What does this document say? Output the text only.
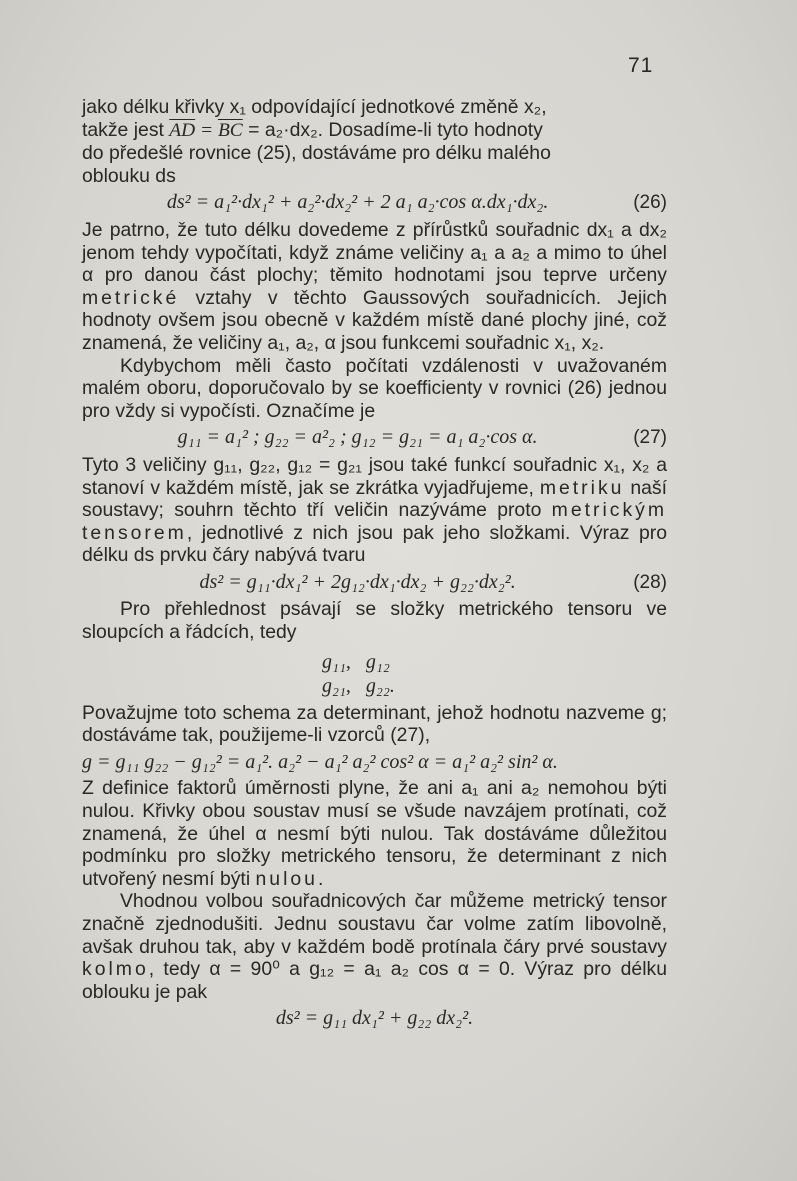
71

jako délku křivky x₁ odpovídající jednotkové změně x₂,
takže jest $\overline{AD} = \overline{BC} = a_2\cdot dx_2$. Dosadíme-li tyto hodnoty
do předešlé rovnice (25), dostáváme pro délku malého
oblouku ds

ds² = a₁²·dx₁² + a₂²·dx₂² + 2 a₁ a₂·cos α.dx₁·dx₂.	(26)

Je patrno, že tuto délku dovedeme z přírůstků souřadnic dx₁ a dx₂ jenom tehdy vypočítati, když známe veličiny a₁ a a₂ a mimo to úhel α pro danou část plochy; těmito hodnotami jsou teprve určeny metrické vztahy v těchto Gaussových souřadnicích. Jejich hodnoty ovšem jsou obecně v každém místě dané plochy jiné, což znamená, že veličiny a₁, a₂, α jsou funkcemi souřadnic x₁, x₂.

Kdybychom měli často počítati vzdálenosti v uvažovaném malém oboru, doporučovalo by se koefficienty v rovnici (26) jednou pro vždy si vypočísti. Označíme je

g₁₁ = a₁² ; g₂₂ = a²₂ ; g₁₂ = g₂₁ = a₁ a₂·cos α.	(27)

Tyto 3 veličiny g₁₁, g₂₂, g₁₂ = g₂₁ jsou také funkcí souřadnic x₁, x₂ a stanoví v každém místě, jak se zkrátka vyjadřujeme, metriku naší soustavy; souhrn těchto tří veličin nazýváme proto metrickým tensorem, jednotlivé z nich jsou pak jeho složkami. Výraz pro délku ds prvku čáry nabývá tvaru

ds² = g₁₁·dx₁² + 2g₁₂·dx₁·dx₂ + g₂₂·dx₂².	(28)

Pro přehlednost psávají se složky metrického tensoru ve sloupcích a řádcích, tedy

g₁₁,   g₁₂
g₂₁,   g₂₂.

Považujme toto schema za determinant, jehož hodnotu nazveme g; dostáváme tak, použijeme-li vzorců (27),

g = g₁₁ g₂₂ − g₁₂² = a₁². a₂² − a₁² a₂² cos² α = a₁² a₂² sin² α.

Z definice faktorů úměrnosti plyne, že ani a₁ ani a₂ nemohou býti nulou. Křivky obou soustav musí se všude navzájem protínati, což znamená, že úhel α nesmí býti nulou. Tak dostáváme důležitou podmínku pro složky metrického tensoru, že determinant z nich utvořený nesmí býti nulou.

Vhodnou volbou souřadnicových čar můžeme metrický tensor značně zjednodušiti. Jednu soustavu čar volme zatím libovolně, avšak druhou tak, aby v každém bodě protínala čáry prvé soustavy kolmo, tedy α = 90⁰ a g₁₂ = a₁ a₂ cos α = 0. Výraz pro délku oblouku je pak

ds² = g₁₁ dx₁² + g₂₂ dx₂².
